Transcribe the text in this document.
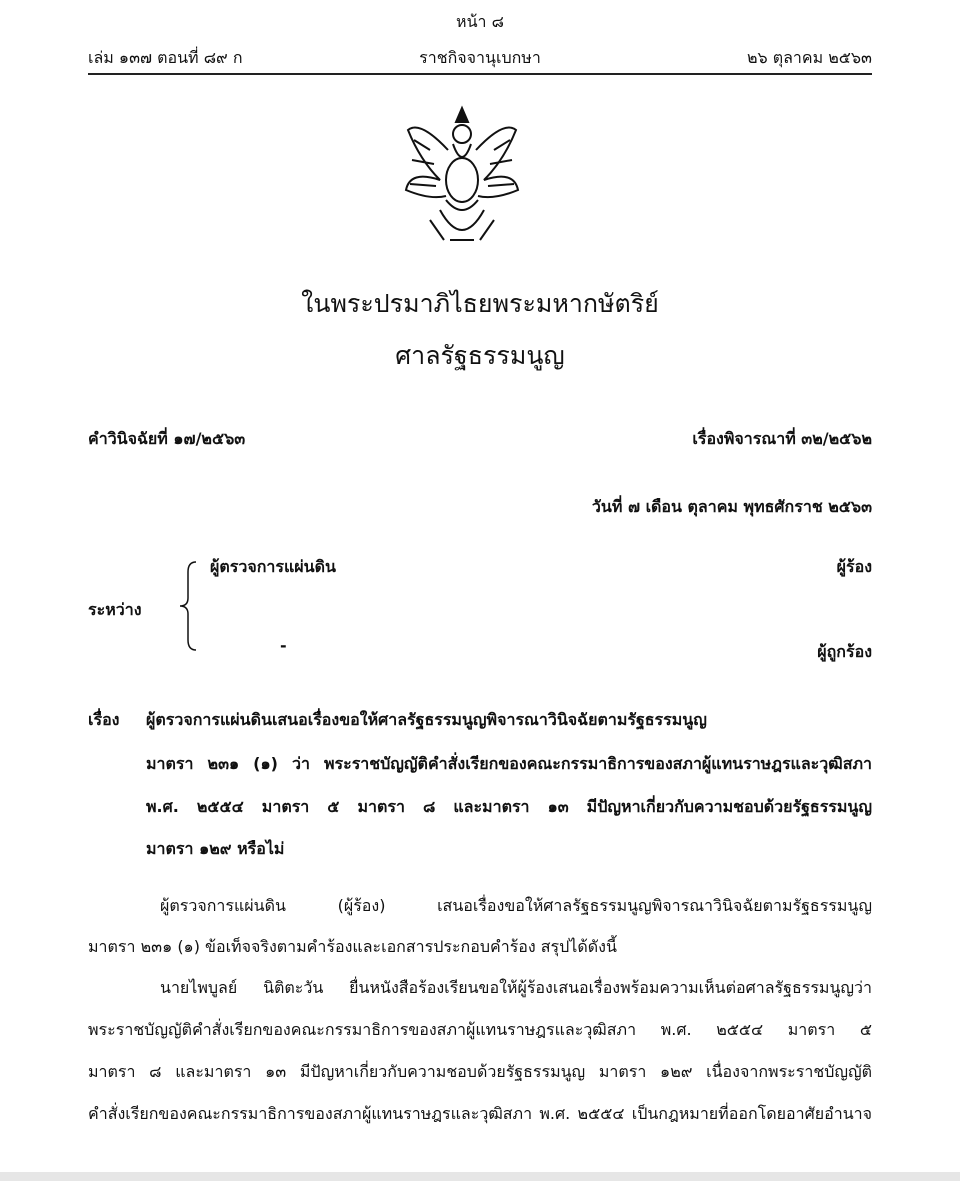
หน้า ๘
เล่ม ๑๓๗ ตอนที่ ๘๙ ก	ราชกิจจานุเบกษา	๒๖ ตุลาคม ๒๕๖๓
ในพระปรมาภิไธยพระมหากษัตริย์
ศาลรัฐธรรมนูญ
คำวินิจฉัยที่ ๑๗/๒๕๖๓	เรื่องพิจารณาที่ ๓๒/๒๕๖๒
วันที่ ๗ เดือน ตุลาคม พุทธศักราช ๒๕๖๓
ระหว่าง
ผู้ตรวจการแผ่นดิน	ผู้ร้อง
-	ผู้ถูกร้อง
เรื่อง ผู้ตรวจการแผ่นดินเสนอเรื่องขอให้ศาลรัฐธรรมนูญพิจารณาวินิจฉัยตามรัฐธรรมนูญ
มาตรา ๒๓๑ (๑) ว่า พระราชบัญญัติคำสั่งเรียกของคณะกรรมาธิการของสภาผู้แทนราษฎรและวุฒิสภา
พ.ศ. ๒๕๕๔ มาตรา ๕ มาตรา ๘ และมาตรา ๑๓ มีปัญหาเกี่ยวกับความชอบด้วยรัฐธรรมนูญ
มาตรา ๑๒๙ หรือไม่
ผู้ตรวจการแผ่นดิน (ผู้ร้อง) เสนอเรื่องขอให้ศาลรัฐธรรมนูญพิจารณาวินิจฉัยตามรัฐธรรมนูญ
มาตรา ๒๓๑ (๑) ข้อเท็จจริงตามคำร้องและเอกสารประกอบคำร้อง สรุปได้ดังนี้
นายไพบูลย์ นิติตะวัน ยื่นหนังสือร้องเรียนขอให้ผู้ร้องเสนอเรื่องพร้อมความเห็นต่อศาลรัฐธรรมนูญว่า
พระราชบัญญัติคำสั่งเรียกของคณะกรรมาธิการของสภาผู้แทนราษฎรและวุฒิสภา พ.ศ. ๒๕๕๔ มาตรา ๕
มาตรา ๘ และมาตรา ๑๓ มีปัญหาเกี่ยวกับความชอบด้วยรัฐธรรมนูญ มาตรา ๑๒๙ เนื่องจากพระราชบัญญัติ
คำสั่งเรียกของคณะกรรมาธิการของสภาผู้แทนราษฎรและวุฒิสภา พ.ศ. ๒๕๕๔ เป็นกฎหมายที่ออกโดยอาศัยอำนาจ
